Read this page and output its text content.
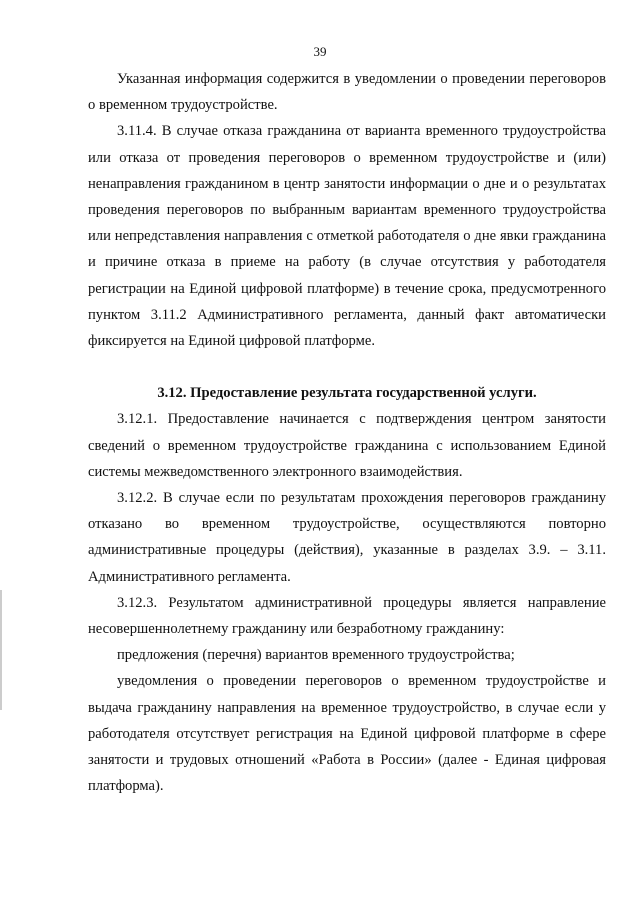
39

Указанная информация содержится в уведомлении о проведении переговоров о временном трудоустройстве.

3.11.4. В случае отказа гражданина от варианта временного трудоустройства или отказа от проведения переговоров о временном трудоустройстве и (или) ненаправления гражданином в центр занятости информации о дне и о результатах проведения переговоров по выбранным вариантам временного трудоустройства или непредставления направления с отметкой работодателя о дне явки гражданина и причине отказа в приеме на работу (в случае отсутствия у работодателя регистрации на Единой цифровой платформе) в течение срока, предусмотренного пунктом 3.11.2 Административного регламента, данный факт автоматически фиксируется на Единой цифровой платформе.

3.12. Предоставление результата государственной услуги.

3.12.1. Предоставление начинается с подтверждения центром занятости сведений о временном трудоустройстве гражданина с использованием Единой системы межведомственного электронного взаимодействия.

3.12.2. В случае если по результатам прохождения переговоров гражданину отказано во временном трудоустройстве, осуществляются повторно административные процедуры (действия), указанные в разделах 3.9. – 3.11. Административного регламента.

3.12.3. Результатом административной процедуры является направление несовершеннолетнему гражданину или безработному гражданину:

предложения (перечня) вариантов временного трудоустройства;

уведомления о проведении переговоров о временном трудоустройстве и выдача гражданину направления на временное трудоустройство, в случае если у работодателя отсутствует регистрация на Единой цифровой платформе в сфере занятости и трудовых отношений «Работа в России» (далее - Единая цифровая платформа).
